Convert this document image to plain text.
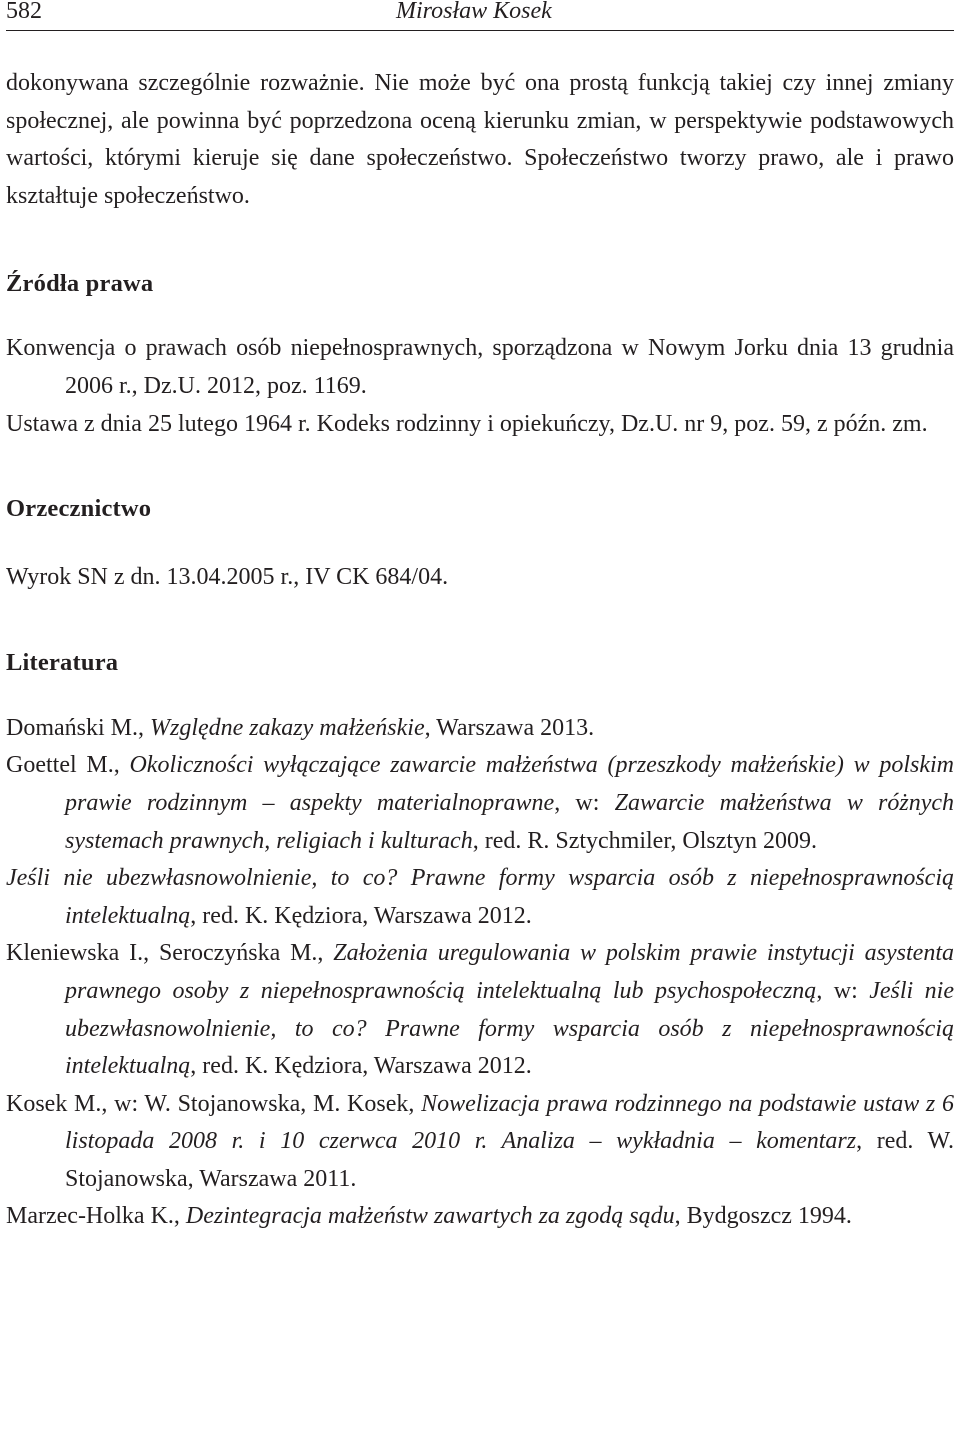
582	Mirosław Kosek

dokonywana szczególnie rozważnie. Nie może być ona prostą funkcją takiej czy innej zmiany społecznej, ale powinna być poprzedzona oceną kierunku zmian, w perspektywie podstawowych wartości, którymi kieruje się dane społeczeństwo. Społeczeństwo tworzy prawo, ale i prawo kształtuje społeczeństwo.

Źródła prawa
Konwencja o prawach osób niepełnosprawnych, sporządzona w Nowym Jorku dnia 13 grudnia 2006 r., Dz.U. 2012, poz. 1169.
Ustawa z dnia 25 lutego 1964 r. Kodeks rodzinny i opiekuńczy, Dz.U. nr 9, poz. 59, z późn. zm.
Orzecznictwo
Wyrok SN z dn. 13.04.2005 r., IV CK 684/04.
Literatura
Domański M., Względne zakazy małżeńskie, Warszawa 2013.
Goettel M., Okoliczności wyłączające zawarcie małżeństwa (przeszkody małżeńskie) w polskim prawie rodzinnym – aspekty materialnoprawne, w: Zawarcie małżeństwa w różnych systemach prawnych, religiach i kulturach, red. R. Sztychmiler, Olsztyn 2009.
Jeśli nie ubezwłasnowolnienie, to co? Prawne formy wsparcia osób z niepełnosprawnością intelektualną, red. K. Kędziora, Warszawa 2012.
Kleniewska I., Seroczyńska M., Założenia uregulowania w polskim prawie instytucji asystenta prawnego osoby z niepełnosprawnością intelektualną lub psychospołeczną, w: Jeśli nie ubezwłasnowolnienie, to co? Prawne formy wsparcia osób z niepełnosprawnością intelektualną, red. K. Kędziora, Warszawa 2012.
Kosek M., w: W. Stojanowska, M. Kosek, Nowelizacja prawa rodzinnego na podstawie ustaw z 6 listopada 2008 r. i 10 czerwca 2010 r. Analiza – wykładnia – komentarz, red. W. Stojanowska, Warszawa 2011.
Marzec-Holka K., Dezintegracja małżeństw zawartych za zgodą sądu, Bydgoszcz 1994.
